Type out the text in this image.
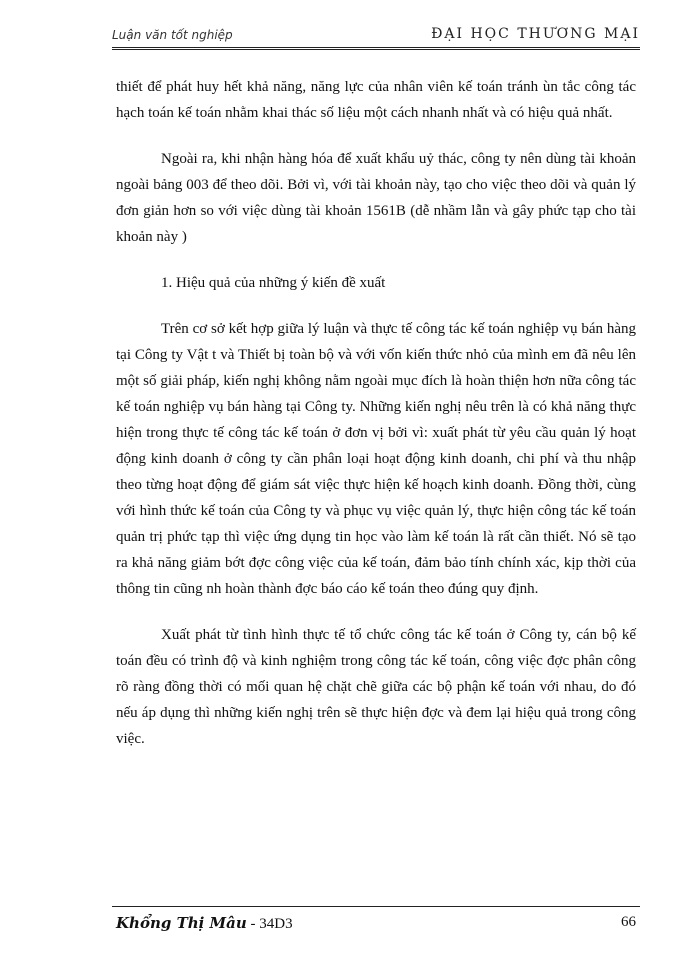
Luận văn tốt nghiệp	ĐẠI HỌC THƯƠNG MẠI

thiết để phát huy hết khả năng, năng lực của nhân viên kế toán tránh ùn tắc công tác hạch toán kế toán nhằm khai thác số liệu một cách nhanh nhất và có hiệu quả nhất.

Ngoài ra, khi nhận hàng hóa để xuất khẩu uỷ thác, công ty nên dùng tài khoản ngoài bảng 003 để theo dõi. Bởi vì, với tài khoản này, tạo cho việc theo dõi và quản lý đơn giản hơn so với việc dùng tài khoản 1561B (dễ nhầm lẫn và gây phức tạp cho tài khoản này )

1. Hiệu quả của những ý kiến đề xuất

Trên cơ sở kết hợp giữa lý luận và thực tế công tác kế toán nghiệp vụ bán hàng tại Công ty Vật t và Thiết bị toàn bộ và với vốn kiến thức nhỏ của mình em đã nêu lên một số giải pháp, kiến nghị không nằm ngoài mục đích là hoàn thiện hơn nữa công tác kế toán nghiệp vụ bán hàng tại Công ty. Những kiến nghị nêu trên là có khả năng thực hiện trong thực tế công tác kế toán ở đơn vị bởi vì: xuất phát từ yêu cầu quản lý hoạt động kinh doanh ở công ty cần phân loại hoạt động kinh doanh, chi phí và thu nhập theo từng hoạt động để giám sát việc thực hiện kế hoạch kinh doanh. Đồng thời, cùng với hình thức kế toán của Công ty và phục vụ việc quản lý, thực hiện công tác kế toán quản trị phức tạp thì việc ứng dụng tin học vào làm kế toán là rất cần thiết. Nó sẽ tạo ra khả năng giảm bớt đợc công việc của kế toán, đảm bảo tính chính xác, kịp thời của thông tin cũng nh hoàn thành đợc báo cáo kế toán theo đúng quy định.

Xuất phát từ tình hình thực tế tổ chức công tác kế toán ở Công ty, cán bộ kế toán đều có trình độ và kinh nghiệm trong công tác kế toán, công việc đợc phân công rõ ràng đồng thời có mối quan hệ chặt chẽ giữa các bộ phận kế toán với nhau, do đó nếu áp dụng thì những kiến nghị trên sẽ thực hiện đợc và đem lại hiệu quả trong công việc.

Khổng Thị Mâu - 34D3	66
